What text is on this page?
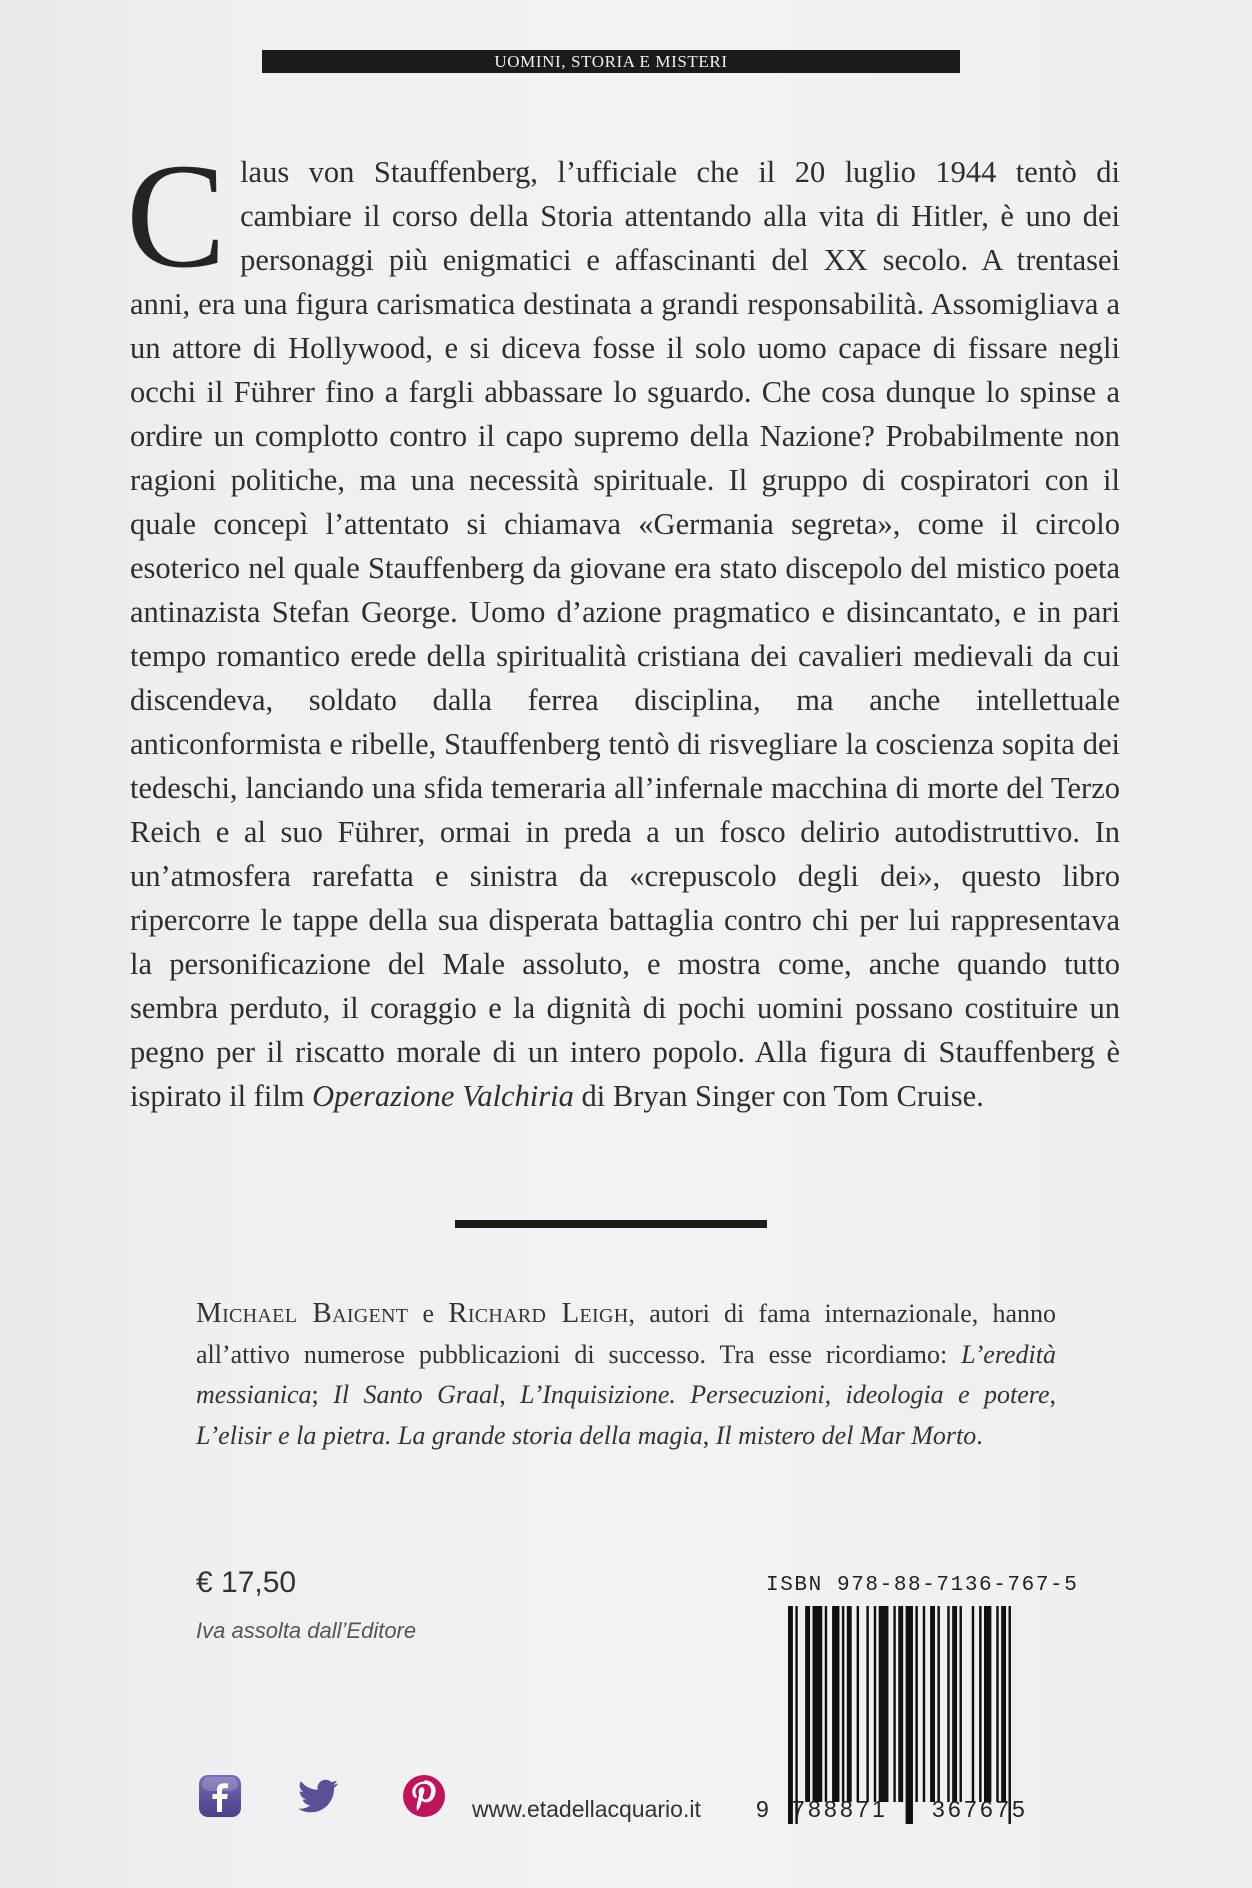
UOMINI, STORIA E MISTERI

Claus von Stauffenberg, l’ufficiale che il 20 luglio 1944 tentò di cambiare il corso della Storia attentando alla vita di Hitler, è uno dei personaggi più enigmatici e affascinanti del XX secolo. A trentasei anni, era una figura carismatica destinata a grandi responsabilità. Assomigliava a un attore di Hollywood, e si diceva fosse il solo uomo capace di fissare negli occhi il Führer fino a fargli abbassare lo sguardo. Che cosa dunque lo spinse a ordire un complotto contro il capo supremo della Nazione? Probabilmente non ragioni politiche, ma una necessità spirituale. Il gruppo di cospiratori con il quale concepì l’attentato si chiamava «Germania segreta», come il circolo esoterico nel quale Stauffenberg da giovane era stato discepolo del mistico poeta antinazista Stefan George. Uomo d’azione pragmatico e disincantato, e in pari tempo romantico erede della spiritualità cristiana dei cavalieri medievali da cui discendeva, soldato dalla ferrea disciplina, ma anche intellettuale anticonformista e ribelle, Stauffenberg tentò di risvegliare la coscienza sopita dei tedeschi, lanciando una sfida temeraria all’infernale macchina di morte del Terzo Reich e al suo Führer, ormai in preda a un fosco delirio autodistruttivo. In un’atmosfera rarefatta e sinistra da «crepuscolo degli dei», questo libro ripercorre le tappe della sua disperata battaglia contro chi per lui rappresentava la personificazione del Male assoluto, e mostra come, anche quando tutto sembra perduto, il coraggio e la dignità di pochi uomini possano costituire un pegno per il riscatto morale di un intero popolo. Alla figura di Stauffenberg è ispirato il film Operazione Valchiria di Bryan Singer con Tom Cruise.

Michael Baigent e Richard Leigh, autori di fama internazionale, hanno all’attivo numerose pubblicazioni di successo. Tra esse ricordiamo: L’eredità messianica; Il Santo Graal, L’Inquisizione. Persecuzioni, ideologia e potere, L’elisir e la pietra. La grande storia della magia, Il mistero del Mar Morto.

€ 17,50
Iva assolta dall’Editore
ISBN 978-88-7136-767-5
9	788871	367675
www.etadellacquario.it
